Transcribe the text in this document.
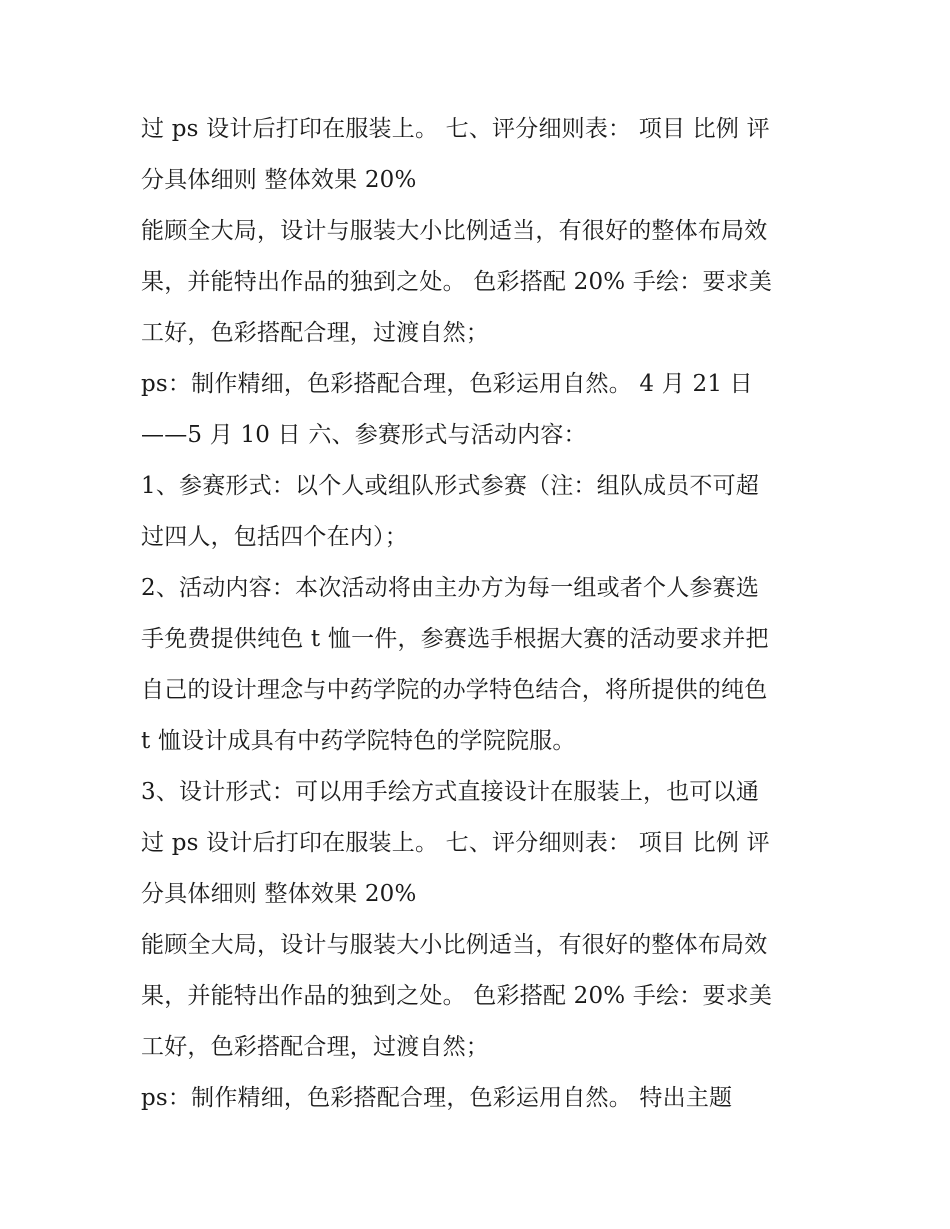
过 ps 设计后打印在服装上。 七、评分细则表： 项目 比例 评
分具体细则 整体效果 20%
能顾全大局，设计与服装大小比例适当，有很好的整体布局效
果，并能特出作品的独到之处。 色彩搭配 20% 手绘：要求美
工好，色彩搭配合理，过渡自然；
ps：制作精细，色彩搭配合理，色彩运用自然。 4 月 21 日
——5 月 10 日 六、参赛形式与活动内容：
1、参赛形式：以个人或组队形式参赛（注：组队成员不可超
过四人，包括四个在内）；
2、活动内容：本次活动将由主办方为每一组或者个人参赛选
手免费提供纯色 t 恤一件，参赛选手根据大赛的活动要求并把
自己的设计理念与中药学院的办学特色结合，将所提供的纯色
t 恤设计成具有中药学院特色的学院院服。
3、设计形式：可以用手绘方式直接设计在服装上，也可以通
过 ps 设计后打印在服装上。 七、评分细则表： 项目 比例 评
分具体细则 整体效果 20%
能顾全大局，设计与服装大小比例适当，有很好的整体布局效
果，并能特出作品的独到之处。 色彩搭配 20% 手绘：要求美
工好，色彩搭配合理，过渡自然；
ps：制作精细，色彩搭配合理，色彩运用自然。 特出主题
